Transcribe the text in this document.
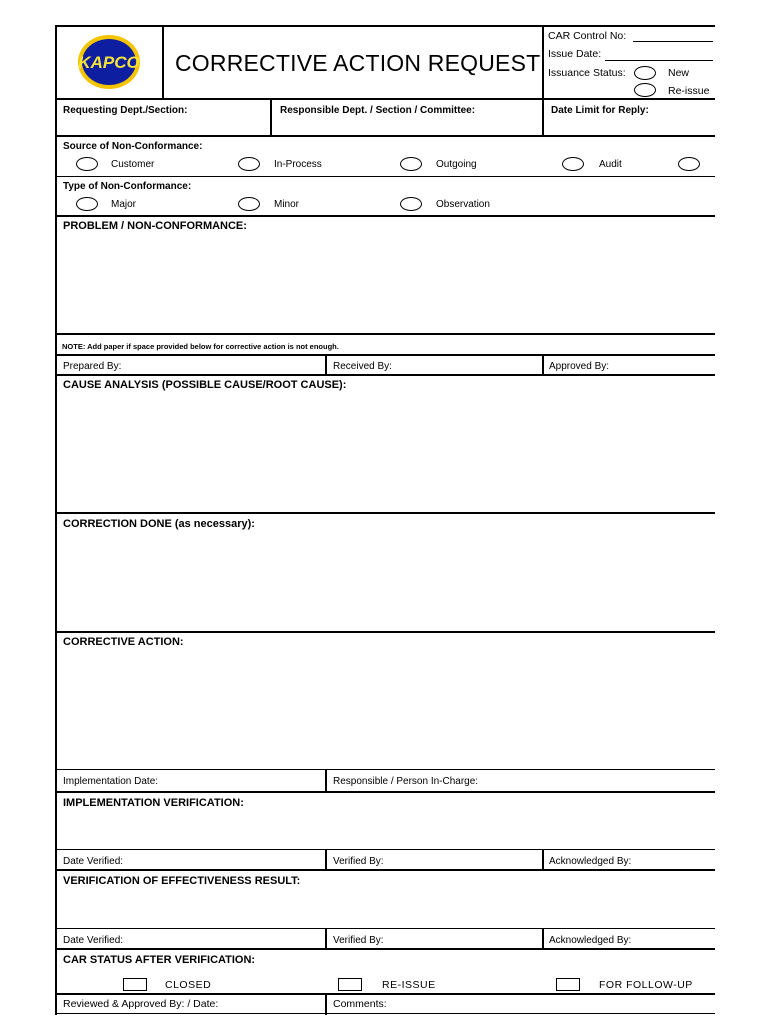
KAPCO CORRECTIVE ACTION REQUEST
CAR Control No:
Issue Date:
Issuance Status:	New
Re-issue
Requesting Dept./Section:	Responsible Dept. / Section / Committee:	Date Limit for Reply:
Source of Non-Conformance:
Customer	In-Process	Outgoing	Audit
Type of Non-Conformance:
Major	Minor	Observation
PROBLEM / NON-CONFORMANCE:
NOTE: Add paper if space provided below for corrective action is not enough.
Prepared By:	Received By:	Approved By:
CAUSE ANALYSIS (POSSIBLE CAUSE/ROOT CAUSE):
CORRECTION DONE (as necessary):
CORRECTIVE ACTION:
Implementation Date:	Responsible / Person In-Charge:
IMPLEMENTATION VERIFICATION:
Date Verified:	Verified By:	Acknowledged By:
VERIFICATION OF EFFECTIVENESS RESULT:
Date Verified:	Verified By:	Acknowledged By:
CAR STATUS AFTER VERIFICATION:
CLOSED	RE-ISSUE	FOR FOLLOW-UP
Reviewed & Approved By: / Date:	Comments:
